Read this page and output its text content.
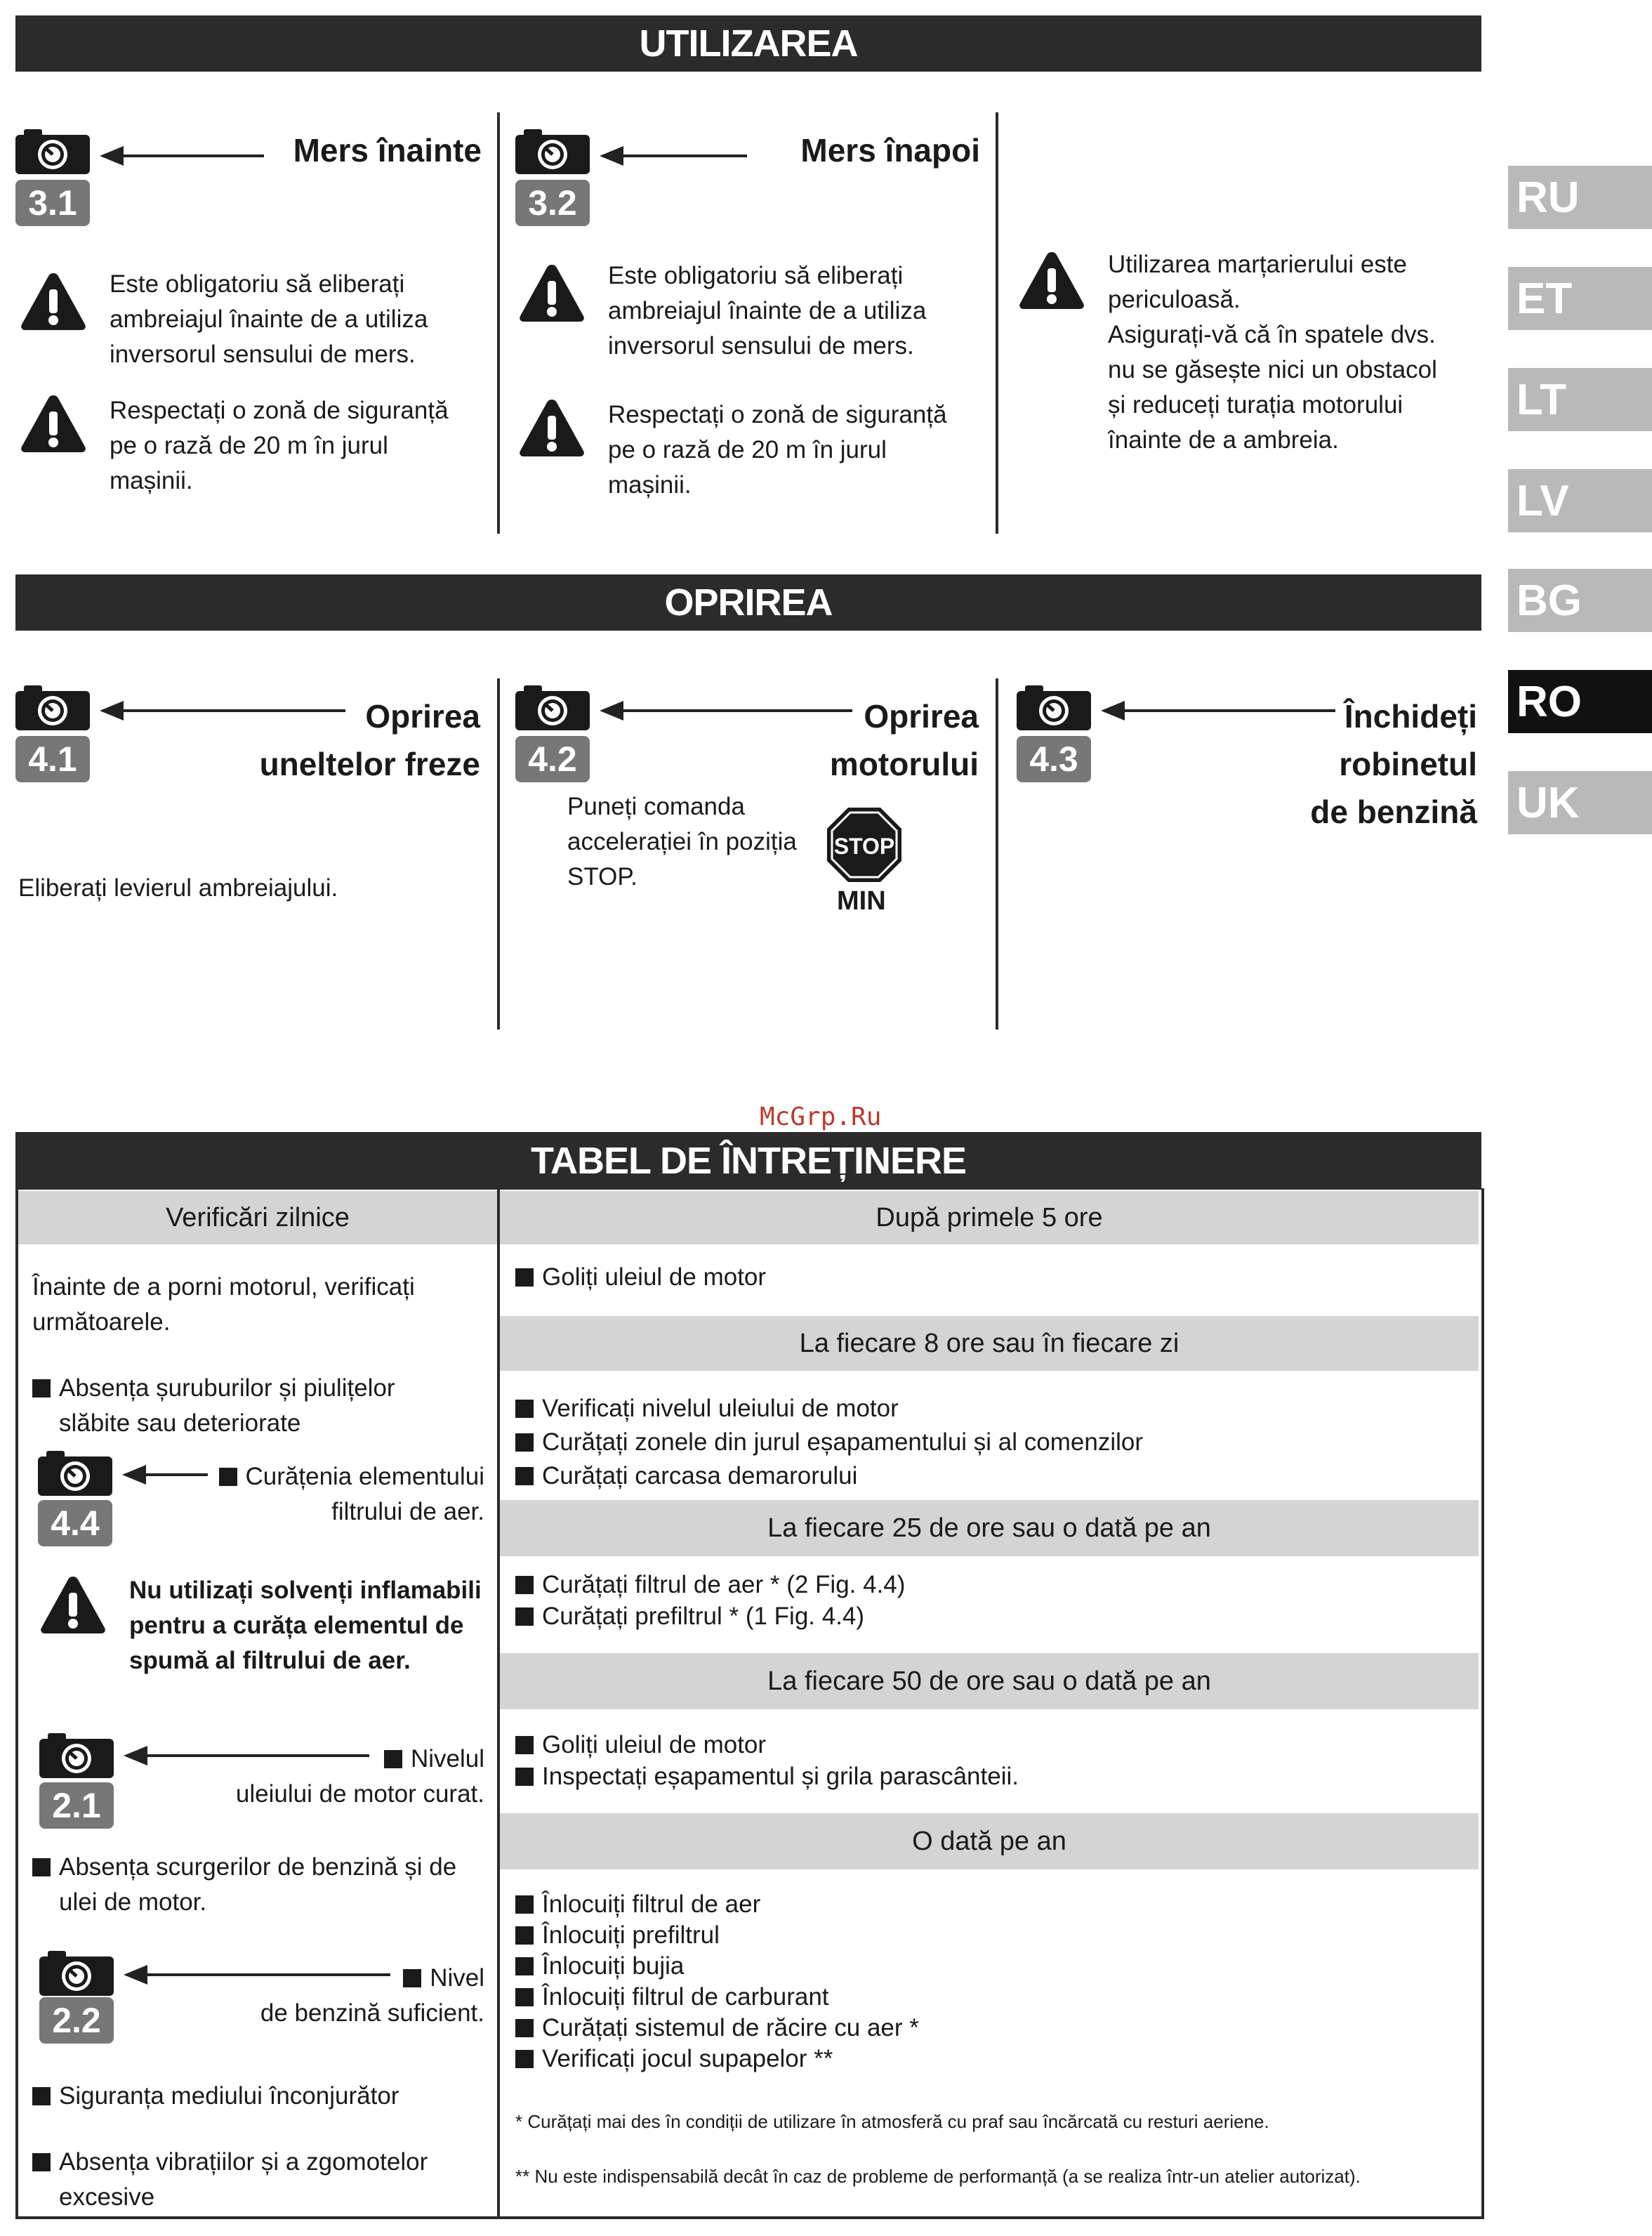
RU
ET
LT
LV
BG
RO
UK
UTILIZAREA
3.1
Mers înainte
Este obligatoriu să eliberați
ambreiajul înainte de a utiliza
inversorul sensului de mers.
Respectați o zonă de siguranță
pe o rază de 20 m în jurul
mașinii.
3.2
Mers înapoi
Este obligatoriu să eliberați
ambreiajul înainte de a utiliza
inversorul sensului de mers.
Respectați o zonă de siguranță
pe o rază de 20 m în jurul
mașinii.
Utilizarea marțarierului este
periculoasă.
Asigurați-vă că în spatele dvs.
nu se găsește nici un obstacol
și reduceți turația motorului
înainte de a ambreia.
OPRIREA
4.1
Oprirea
uneltelor freze
Eliberați levierul ambreiajului.
4.2
Oprirea
motorului
Puneți comanda
accelerației în poziția
STOP.
STOP
MIN
4.3
Închideți
robinetul
de benzină
McGrp.Ru
TABEL DE ÎNTREȚINERE
Verificări zilnice
Înainte de a porni motorul, verificați
următoarele.
Absența șuruburilor și piulițelor
slăbite sau deteriorate
4.4
Curățenia elementului
filtrului de aer.
Nu utilizați solvenți inflamabili
pentru a curăța elementul de
spumă al filtrului de aer.
2.1
Nivelul
uleiului de motor curat.
Absența scurgerilor de benzină și de
ulei de motor.
2.2
Nivel
de benzină suficient.
Siguranța mediului înconjurător
Absența vibrațiilor și a zgomotelor
excesive
După primele 5 ore
Goliți uleiul de motor
La fiecare 8 ore sau în fiecare zi
Verificați nivelul uleiului de motor
Curățați zonele din jurul eșapamentului și al comenzilor
Curățați carcasa demarorului
La fiecare 25 de ore sau o dată pe an
Curățați filtrul de aer * (2 Fig. 4.4)
Curățați prefiltrul * (1 Fig. 4.4)
La fiecare 50 de ore sau o dată pe an
Goliți uleiul de motor
Inspectați eșapamentul și grila parascânteii.
O dată pe an
Înlocuiți filtrul de aer
Înlocuiți prefiltrul
Înlocuiți bujia
Înlocuiți filtrul de carburant
Curățați sistemul de răcire cu aer *
Verificați jocul supapelor **
* Curățați mai des în condiții de utilizare în atmosferă cu praf sau încărcată cu resturi aeriene.
** Nu este indispensabilă decât în caz de probleme de performanță (a se realiza într-un atelier autorizat).
